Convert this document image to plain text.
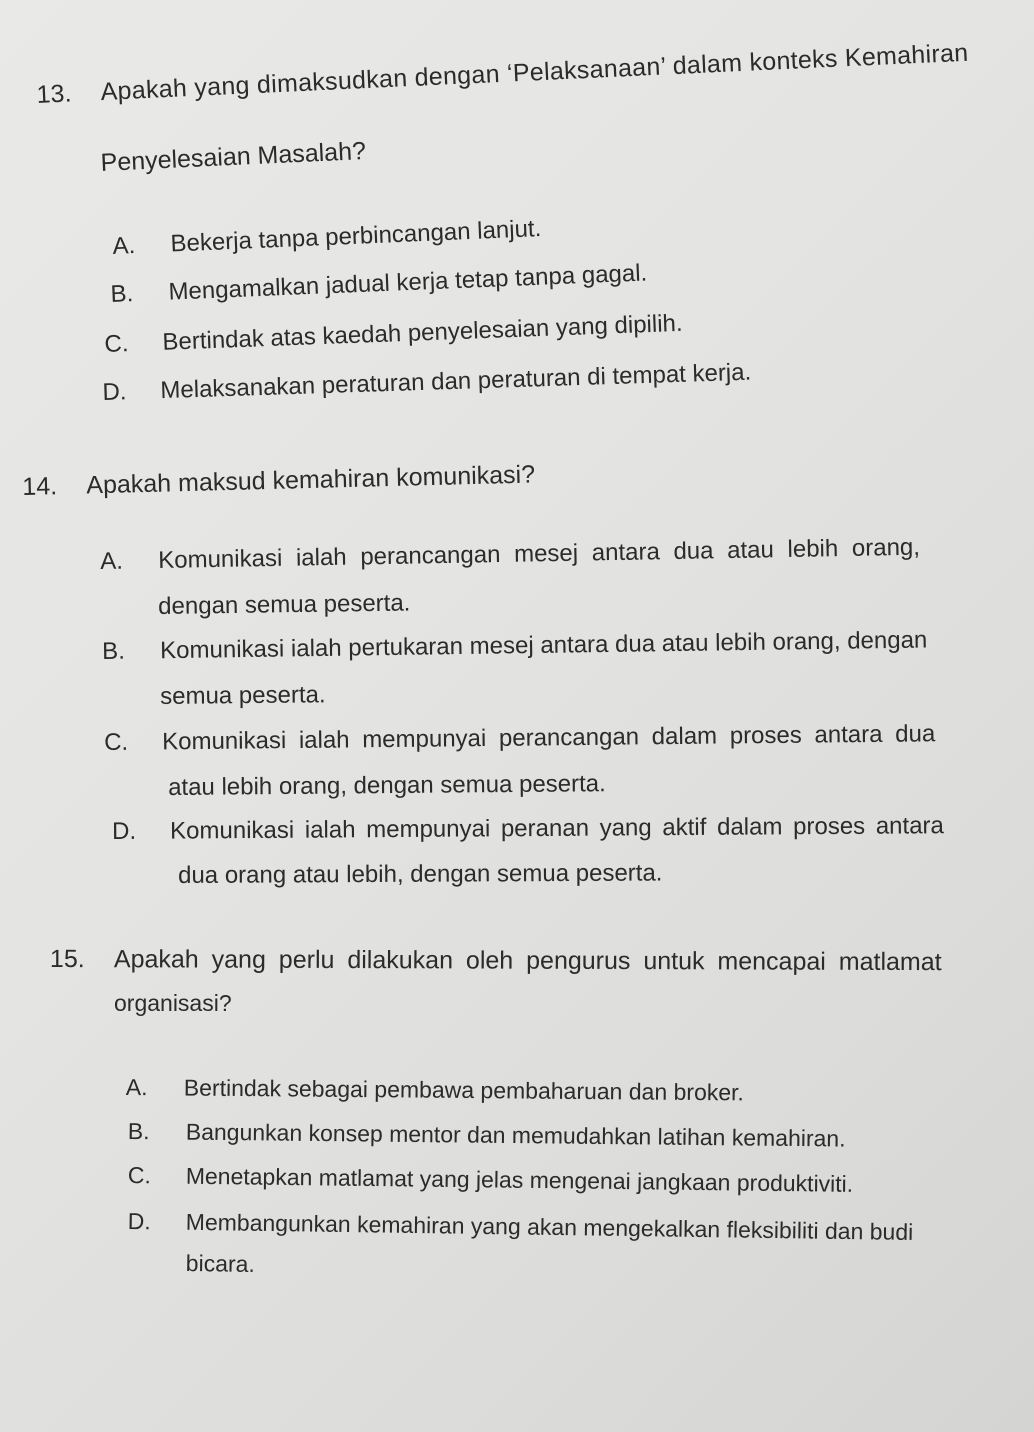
13. Apakah yang dimaksudkan dengan ‘Pelaksanaan’ dalam konteks Kemahiran
Penyelesaian Masalah?
A. Bekerja tanpa perbincangan lanjut.
B. Mengamalkan jadual kerja tetap tanpa gagal.
C. Bertindak atas kaedah penyelesaian yang dipilih.
D. Melaksanakan peraturan dan peraturan di tempat kerja.
14. Apakah maksud kemahiran komunikasi?
A. Komunikasi ialah perancangan mesej antara dua atau lebih orang,
dengan semua peserta.
B. Komunikasi ialah pertukaran mesej antara dua atau lebih orang, dengan
semua peserta.
C. Komunikasi ialah mempunyai perancangan dalam proses antara dua
atau lebih orang, dengan semua peserta.
D. Komunikasi ialah mempunyai peranan yang aktif dalam proses antara
dua orang atau lebih, dengan semua peserta.
15. Apakah yang perlu dilakukan oleh pengurus untuk mencapai matlamat
organisasi?
A. Bertindak sebagai pembawa pembaharuan dan broker.
B. Bangunkan konsep mentor dan memudahkan latihan kemahiran.
C. Menetapkan matlamat yang jelas mengenai jangkaan produktiviti.
D. Membangunkan kemahiran yang akan mengekalkan fleksibiliti dan budi
bicara.
